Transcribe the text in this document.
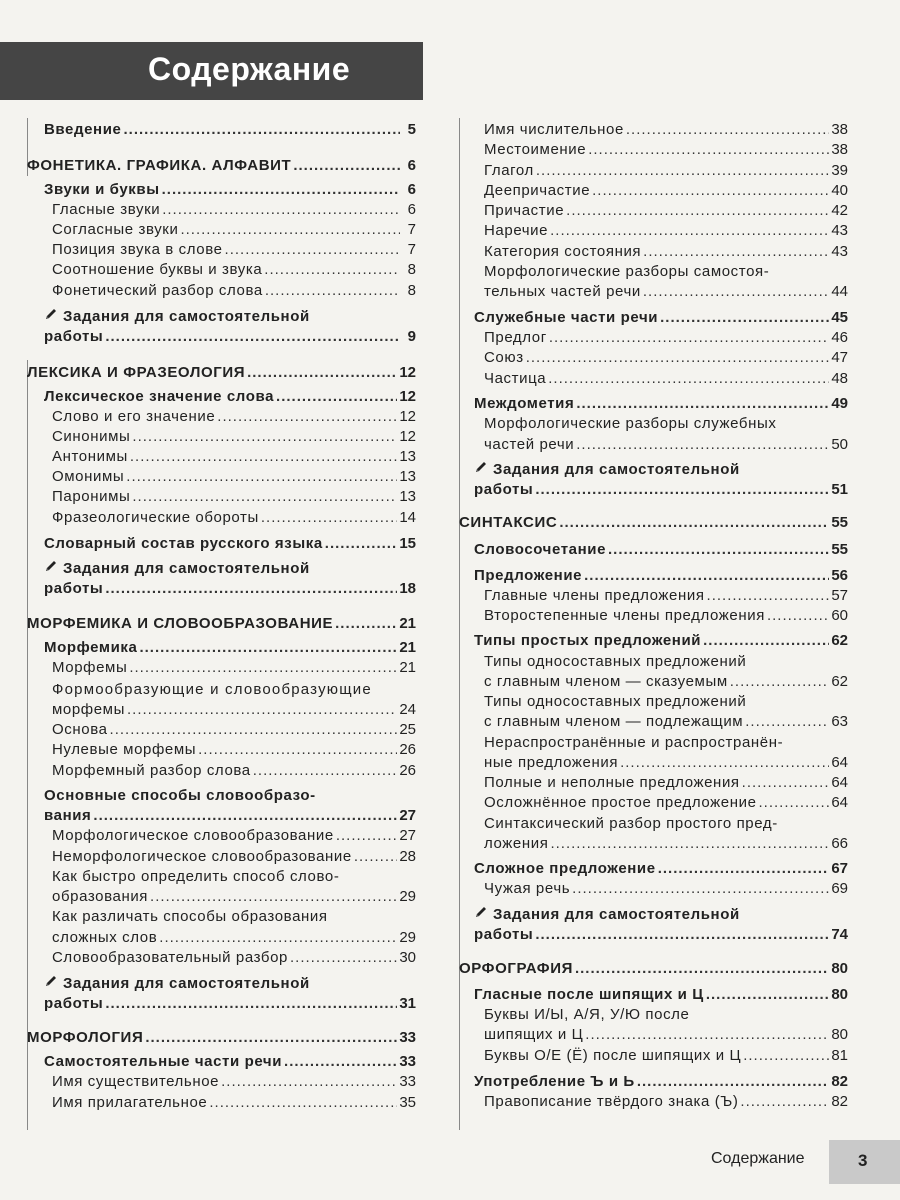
Содержание
Введение .....	5
ФОНЕТИКА. ГРАФИКА. АЛФАВИТ .....	6
Звуки и буквы .....	6
Гласные звуки .....	6
Согласные звуки .....	7
Позиция звука в слове .....	7
Соотношение буквы и звука .....	8
Фонетический разбор слова .....	8
Задания для самостоятельной
работы .....	9
ЛЕКСИКА И ФРАЗЕОЛОГИЯ .....	12
Лексическое значение слова .....	12
Слово и его значение .....	12
Синонимы .....	12
Антонимы .....	13
Омонимы .....	13
Паронимы .....	13
Фразеологические обороты .....	14
Словарный состав русского языка .....	15
Задания для самостоятельной
работы .....	18
МОРФЕМИКА И СЛОВООБРАЗОВАНИЕ .....	21
Морфемика .....	21
Морфемы .....	21
Формообразующие и словообразующие
морфемы .....	24
Основа .....	25
Нулевые морфемы .....	26
Морфемный разбор слова .....	26
Основные способы словообразо-
вания .....	27
Морфологическое словообразование .....	27
Неморфологическое словообразование .....	28
Как быстро определить способ слово-
образования .....	29
Как различать способы образования
сложных слов .....	29
Словообразовательный разбор .....	30
Задания для самостоятельной
работы .....	31
МОРФОЛОГИЯ .....	33
Самостоятельные части речи .....	33
Имя существительное .....	33
Имя прилагательное .....	35
Имя числительное .....	38
Местоимение .....	38
Глагол .....	39
Деепричастие .....	40
Причастие .....	42
Наречие .....	43
Категория состояния .....	43
Морфологические разборы самостоя-
тельных частей речи .....	44
Служебные части речи .....	45
Предлог .....	46
Союз .....	47
Частица .....	48
Междометия .....	49
Морфологические разборы служебных
частей речи .....	50
Задания для самостоятельной
работы .....	51
СИНТАКСИС .....	55
Словосочетание .....	55
Предложение .....	56
Главные члены предложения .....	57
Второстепенные члены предложения .....	60
Типы простых предложений .....	62
Типы односоставных предложений
с главным членом — сказуемым .....	62
Типы односоставных предложений
с главным членом — подлежащим .....	63
Нераспространённые и распространён-
ные предложения .....	64
Полные и неполные предложения .....	64
Осложнённое простое предложение .....	64
Синтаксический разбор простого пред-
ложения .....	66
Сложное предложение .....	67
Чужая речь .....	69
Задания для самостоятельной
работы .....	74
ОРФОГРАФИЯ .....	80
Гласные после шипящих и Ц .....	80
Буквы И/Ы, А/Я, У/Ю после
шипящих и Ц .....	80
Буквы О/Е (Ё) после шипящих и Ц .....	81
Употребление Ъ и Ь .....	82
Правописание твёрдого знака (Ъ) .....	82
Содержание	3
